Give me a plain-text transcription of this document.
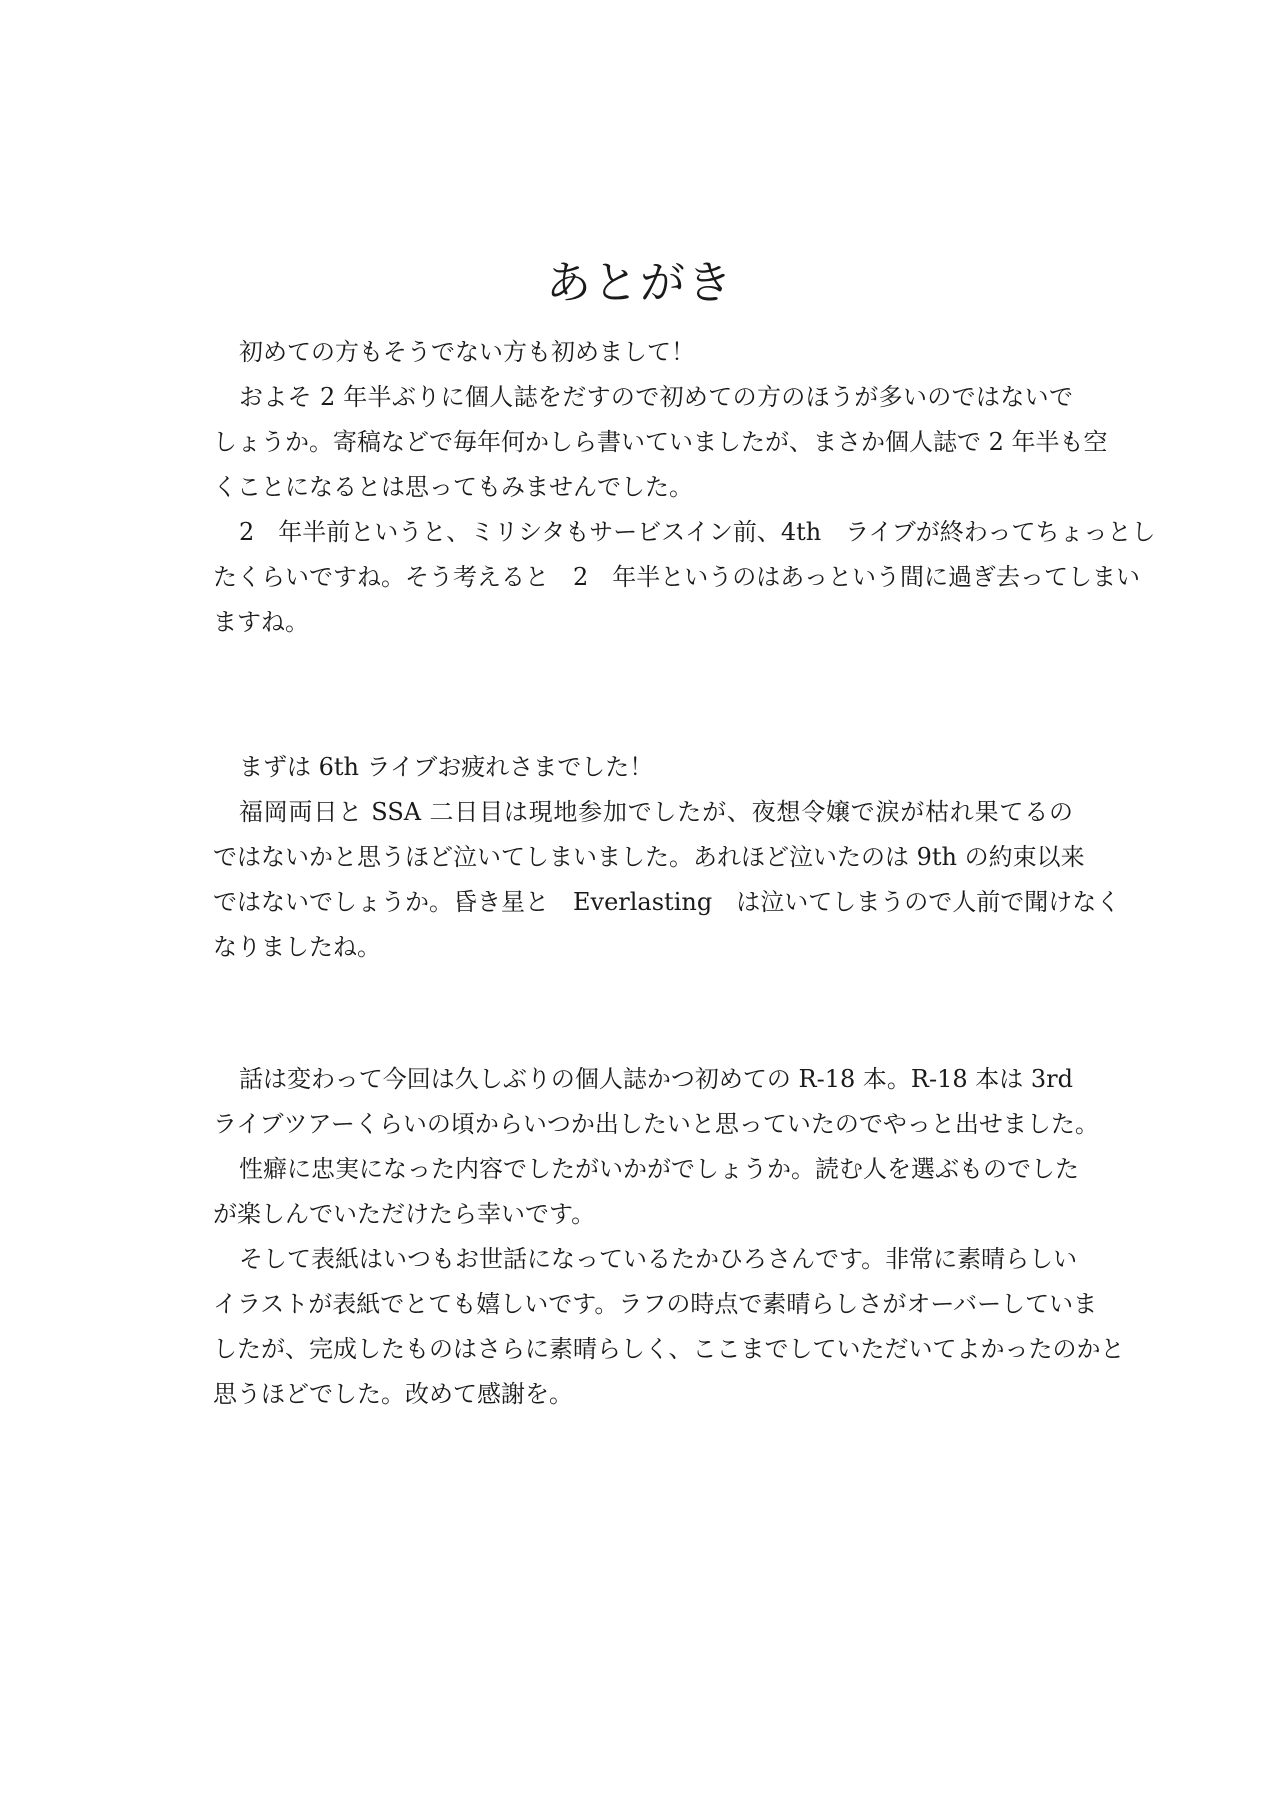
あとがき
初めての方もそうでない方も初めまして！
およそ 2 年半ぶりに個人誌をだすので初めての方のほうが多いのではないで
しょうか。寄稿などで毎年何かしら書いていましたが、まさか個人誌で 2 年半も空
くことになるとは思ってもみませんでした。
2　年半前というと、ミリシタもサービスイン前、4th　ライブが終わってちょっとし
たくらいですね。そう考えると　2　年半というのはあっという間に過ぎ去ってしまい
ますね。
まずは 6th ライブお疲れさまでした！
福岡両日と SSA 二日目は現地参加でしたが、夜想令嬢で涙が枯れ果てるの
ではないかと思うほど泣いてしまいました。あれほど泣いたのは 9th の約束以来
ではないでしょうか。昏き星と　Everlasting　は泣いてしまうので人前で聞けなく
なりましたね。
話は変わって今回は久しぶりの個人誌かつ初めての R-18 本。R-18 本は 3rd
ライブツアーくらいの頃からいつか出したいと思っていたのでやっと出せました。
性癖に忠実になった内容でしたがいかがでしょうか。読む人を選ぶものでした
が楽しんでいただけたら幸いです。
そして表紙はいつもお世話になっているたかひろさんです。非常に素晴らしい
イラストが表紙でとても嬉しいです。ラフの時点で素晴らしさがオーバーしていま
したが、完成したものはさらに素晴らしく、ここまでしていただいてよかったのかと
思うほどでした。改めて感謝を。
